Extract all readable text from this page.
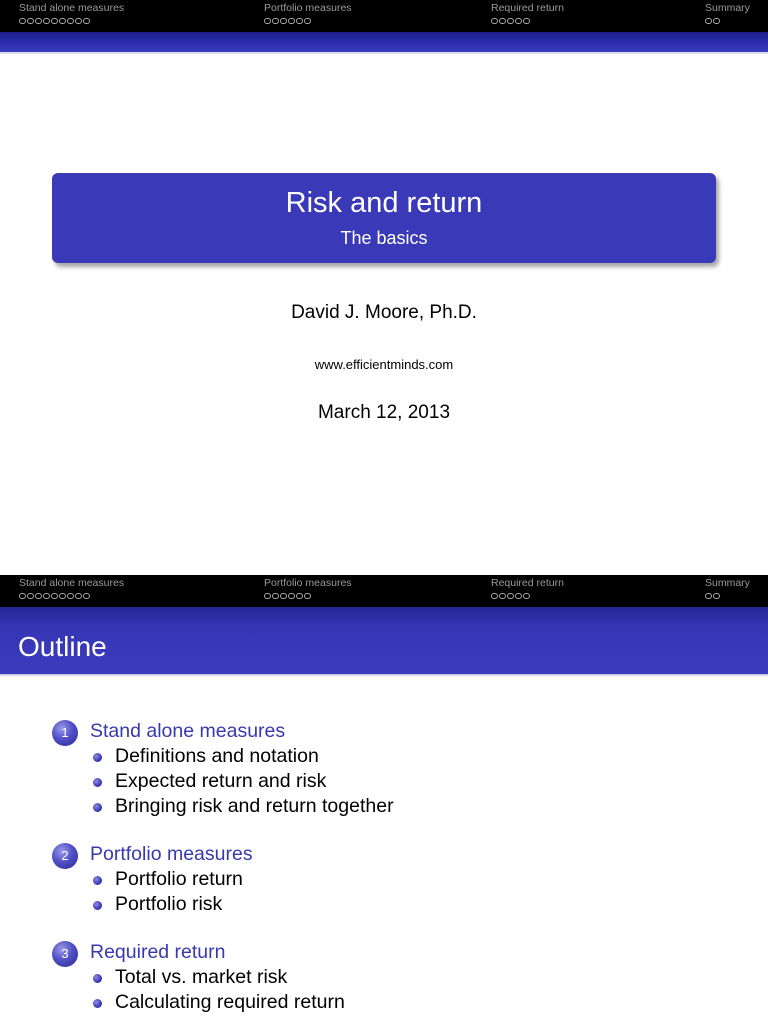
Stand alone measures	Portfolio measures	Required return	Summary
Risk and return
The basics
David J. Moore, Ph.D.
www.efficientminds.com
March 12, 2013
Stand alone measures	Portfolio measures	Required return	Summary
Outline
1	Stand alone measures
Definitions and notation
Expected return and risk
Bringing risk and return together
2	Portfolio measures
Portfolio return
Portfolio risk
3	Required return
Total vs. market risk
Calculating required return
